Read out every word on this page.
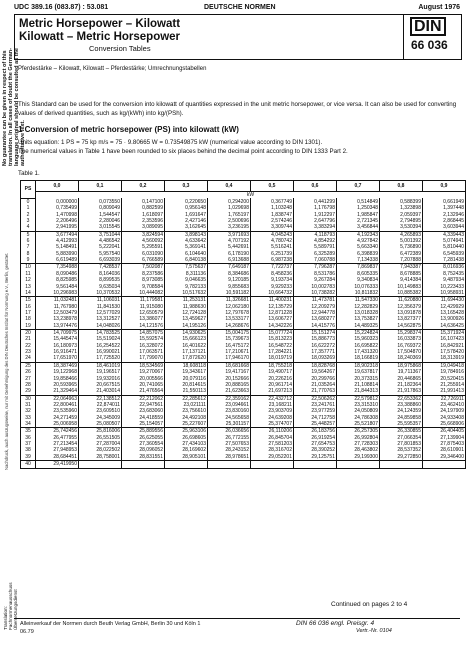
UDC 389.16 (083.87) : 53.081	DEUTSCHE NORMEN	August 1976
Metric Horsepower – Kilowatt
Kilowatt – Metric Horsepower
Conversion Tables
DIN
66 036
No guarantee can be given in respect of this translation. In all cases of doubt the German-language original should be consulted as the authoritative text.
Nachdruck, auch auszugsweise, nur mit Genehmigung des DIN Deutsches Institut für Normung e.V., Berlin, gestattet.
Translation: Fachnormenausschuss Übersetzungsdienst
Pferdestärke – Kilowatt, Kilowatt – Pferdestärke; Umrechnungstabellen
This Standard can be used for the conversion into kilowatt of quantities expressed in the unit metric horsepower, or vice versa. It can also be used for converting values of derived quantities, such as kg/(kWh) into kg/(PSh).
1 Conversion of metric horsepower (PS) into kilowatt (kW)
Units equation: 1 PS = 75 kp m/s = 75 · 9.80665 W = 0.73549875 kW (numerical value according to DIN 1301).
The numerical values in Table 1 have been rounded to six places behind the decimal point according to DIN 1333 Part 2.
Table 1.
PS	0,0	0,1	0,2	0,3	0,4	0,5	0,6	0,7	0,8	0,9
	kW									
0	0,000000	0,073550	0,147100	0,220650	0,294200	0,367749	0,441299	0,514849	0,588399	0,661949
1	0,735499	0,809049	0,882599	0,956148	1,029698	1,103248	1,176798	1,250348	1,323898	1,397448
2	1,470998	1,544547	1,618097	1,691647	1,765197	1,838747	1,912297	1,985847	2,059397	2,132946
3	2,206496	2,280046	2,353596	2,427146	2,500696	2,574246	2,647796	2,721345	2,794895	2,868445
4	2,941995	3,015545	3,089095	3,162645	3,236195	3,309744	3,383294	3,456844	3,530394	3,603944
5	3,677494	3,751044	3,824594	3,898143	3,971693	4,045243	4,118793	4,192343	4,265893	4,339443
6	4,412993	4,486542	4,560092	4,633642	4,707192	4,780742	4,854292	4,927842	5,001392	5,074941
7	5,148491	5,222041	5,295591	5,369141	5,442691	5,516241	5,589791	5,663340	5,736890	5,810440
8	5,883990	5,957540	6,031090	6,104640	6,178190	6,251739	6,325289	6,398839	6,472389	6,545939
9	6,619489	6,693039	6,766589	6,840138	6,913688	6,987238	7,060788	7,134338	7,207888	7,281438
10	7,354988	7,428537	7,502087	7,575637	7,649187	7,722737	7,796287	7,869837	7,943387	8,016936
11	8,090486	8,164036	8,237586	8,311136	8,384686	8,458236	8,531786	8,605335	8,678885	8,752435
12	8,825985	8,899535	8,973085	9,046635	9,120185	9,193734	9,267284	9,340834	9,414384	9,487934
13	9,561484	9,635034	9,708584	9,782133	9,855683	9,929233	10,002783	10,076333	10,149883	10,223433
14	10,296983	10,370532	10,444082	10,517632	10,591182	10,664732	10,738282	10,811832	10,885382	10,958931
15	11,032481	11,106031	11,179581	11,253131	11,326681	11,400231	11,473781	11,547330	11,620880	11,694430
16	11,767980	11,841530	11,915080	11,988630	12,062180	12,135729	12,209279	12,282829	12,356379	12,429929
17	12,503479	12,577029	12,650579	12,724128	12,797678	12,871228	12,944778	13,018328	13,091878	13,165428
18	13,238978	13,312527	13,386077	13,459627	13,533177	13,606727	13,680277	13,753827	13,827377	13,900926
19	13,974476	14,048026	14,121576	14,195126	14,268676	14,342226	14,415776	14,489325	14,562875	14,636425
20	14,709975	14,783525	14,857075	14,930625	15,004175	15,077724	15,151274	15,224824	15,298374	15,371924
21	15,445474	15,519024	15,592574	15,666123	15,739673	15,813223	15,886773	15,960323	16,033873	16,107423
22	16,180973	16,254522	16,328072	16,401622	16,475172	16,548722	16,622272	16,695822	16,769372	16,842921
23	16,916471	16,990021	17,063571	17,137121	17,210671	17,284221	17,357771	17,431320	17,504870	17,578420
24	17,651970	17,725520	17,799070	17,872620	17,946170	18,019719	18,093269	18,166819	18,240369	18,313919
25	18,387469	18,461019	18,534569	18,608118	18,681668	18,755218	18,828768	18,902318	18,975868	19,049418
26	19,122968	19,196517	19,270067	19,343617	19,417167	19,490717	19,564267	19,637817	19,711367	19,784916
27	19,858466	19,932016	20,005566	20,079116	20,152666	20,226216	20,299766	20,373315	20,446865	20,520415
28	20,593965	20,667515	20,741065	20,814615	20,888165	20,961714	21,035264	21,108814	21,182364	21,255914
29	21,329464	21,403014	21,476564	21,550113	21,623663	21,697213	21,770763	21,844313	21,917863	21,991413
30	22,064963	22,138512	22,212062	22,285612	22,359162	22,432712	22,506262	22,579812	22,653362	22,726911
31	22,800461	22,874011	22,947561	23,021111	23,094661	23,168211	23,241761	23,315310	23,388860	23,462410
32	23,535960	23,609510	23,683060	23,756610	23,830160	23,903709	23,977259	24,050809	24,124359	24,197909
33	24,271459	24,345009	24,418559	24,492108	24,565658	24,639208	24,712758	24,786308	24,859858	24,933408
34	25,006958	25,080507	25,154057	25,227607	25,301157	25,374707	25,448257	25,521807	25,595357	25,668906
35	25,742456	25,816006	25,889556	25,963106	26,036656	26,110206	26,183756	26,257305	26,330855	26,404405
36	26,477955	26,551505	26,625055	26,698605	26,772155	26,845704	26,919254	26,992804	27,066354	27,139904
37	27,213454	27,287004	27,360554	27,434103	27,507653	27,581203	27,654753	27,728303	27,801853	27,875403
38	27,948953	28,022502	28,096052	28,169602	28,243152	28,316702	28,390252	28,463802	28,537352	28,610901
39	28,684451	28,758001	28,831551	28,905101	28,978651	29,052201	29,125751	29,199300	29,272850	29,346400
40	29,419950									
Continued on pages 2 to 4
Alleinverkauf der Normen durch Beuth Verlag GmbH, Berlin 30 und Köln 1
06.79
DIN 66 036 engl. Preisgr. 4
Vertr.-Nr. 0104
